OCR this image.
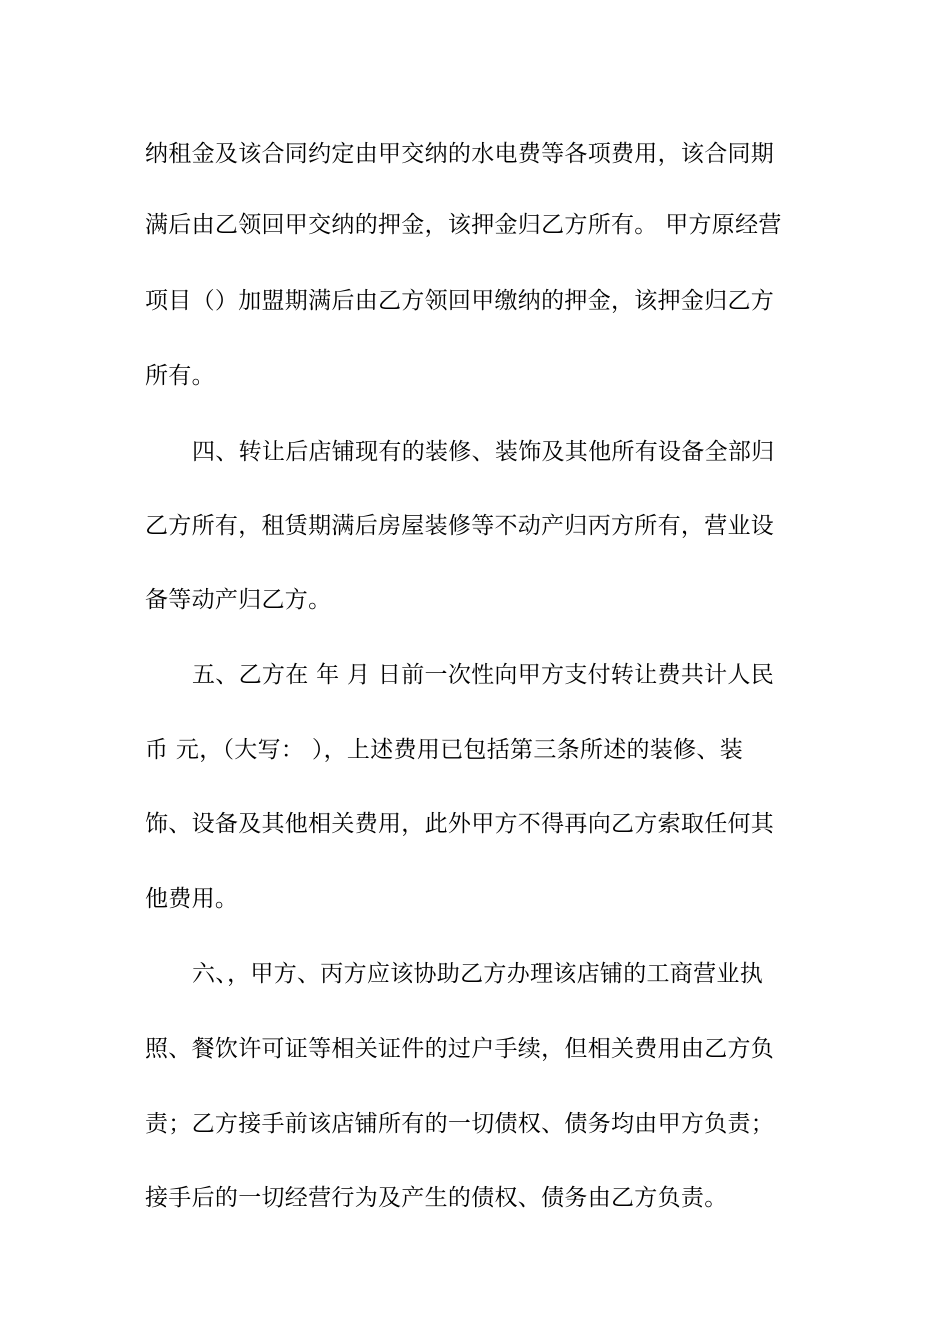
纳租金及该合同约定由甲交纳的水电费等各项费用，该合同期
满后由乙领回甲交纳的押金，该押金归乙方所有。 甲方原经营
项目（）加盟期满后由乙方领回甲缴纳的押金，该押金归乙方
所有。
四、转让后店铺现有的装修、装饰及其他所有设备全部归
乙方所有，租赁期满后房屋装修等不动产归丙方所有，营业设
备等动产归乙方。
五、乙方在 年 月 日前一次性向甲方支付转让费共计人民
币 元，（大写： ），上述费用已包括第三条所述的装修、装
饰、设备及其他相关费用，此外甲方不得再向乙方索取任何其
他费用。
六、，甲方、丙方应该协助乙方办理该店铺的工商营业执
照、餐饮许可证等相关证件的过户手续，但相关费用由乙方负
责；乙方接手前该店铺所有的一切债权、债务均由甲方负责；
接手后的一切经营行为及产生的债权、债务由乙方负责。
